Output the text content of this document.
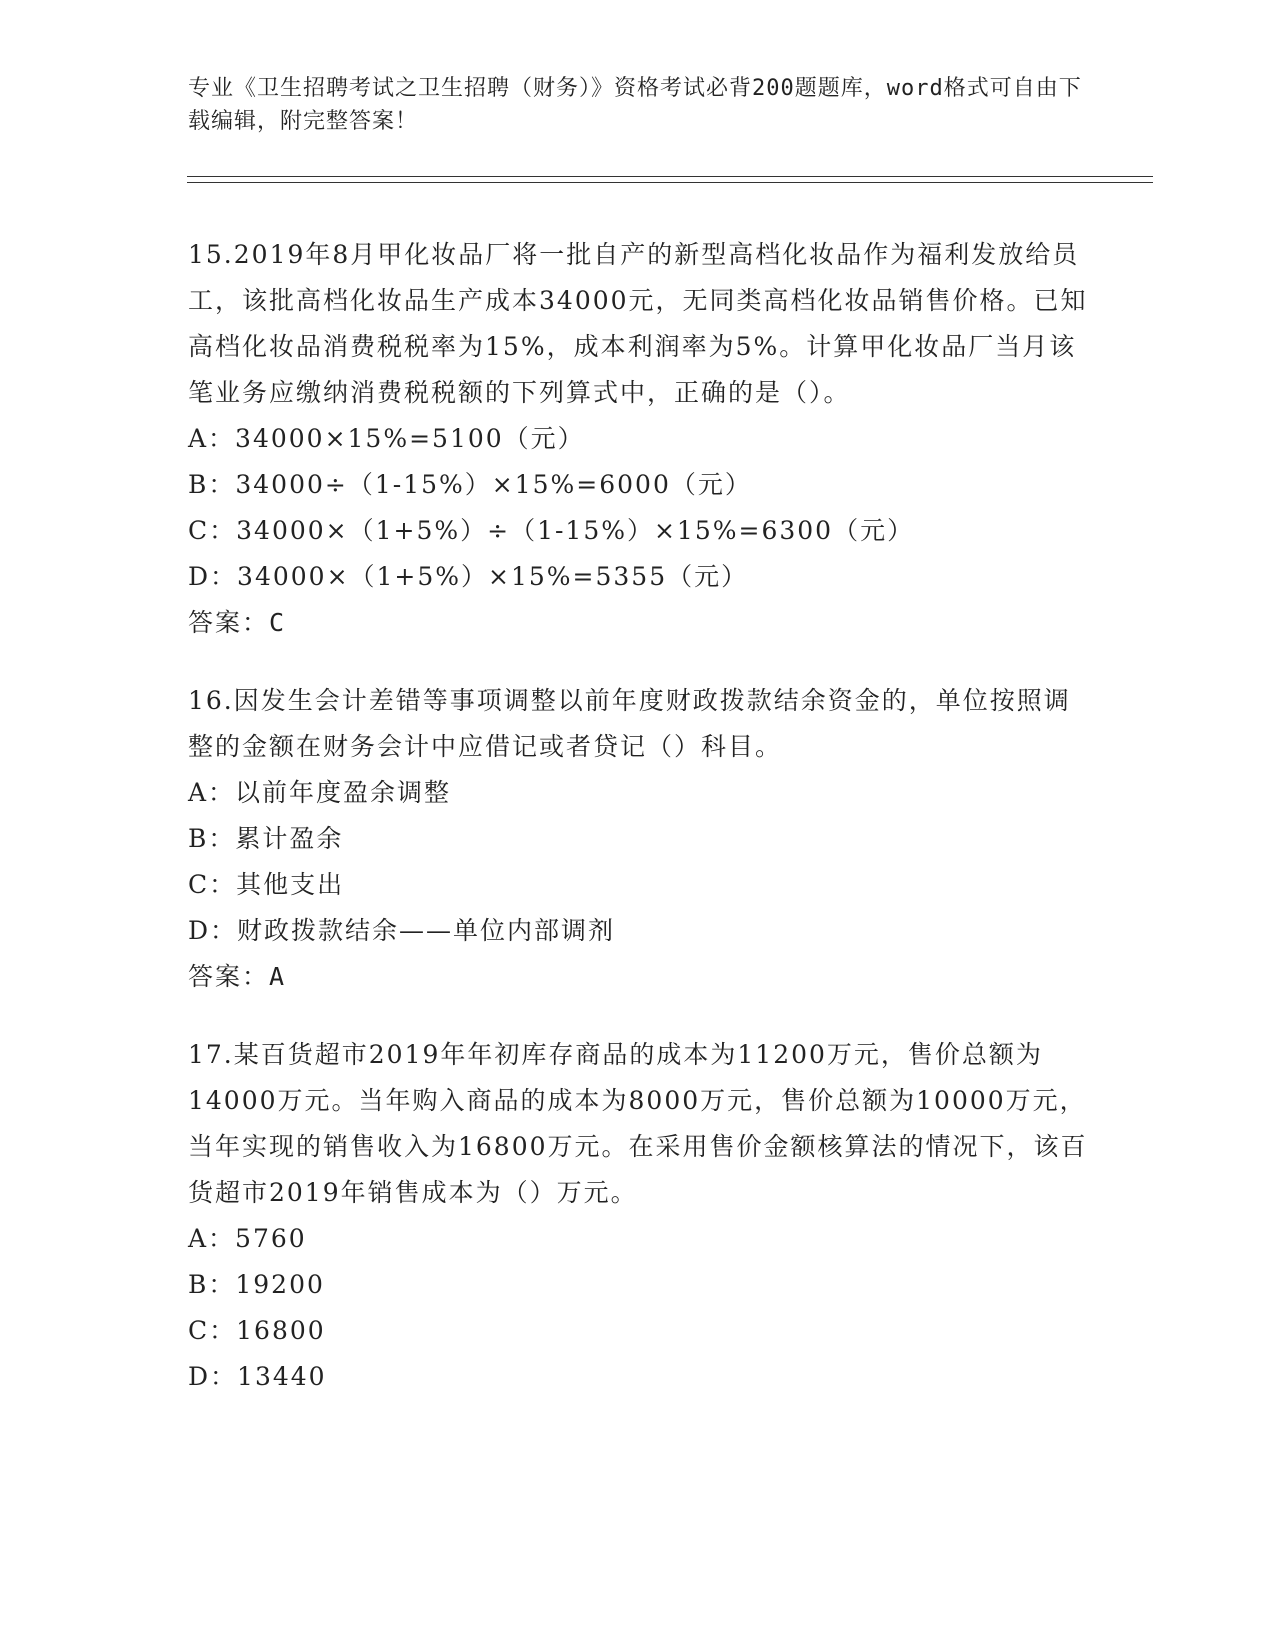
专业《卫生招聘考试之卫生招聘（财务）》资格考试必背200题题库，word格式可自由下载编辑，附完整答案！
15.2019年8月甲化妆品厂将一批自产的新型高档化妆品作为福利发放给员工，该批高档化妆品生产成本34000元，无同类高档化妆品销售价格。已知高档化妆品消费税税率为15%，成本利润率为5%。计算甲化妆品厂当月该笔业务应缴纳消费税税额的下列算式中，正确的是（）。
A：34000×15%=5100（元）
B：34000÷（1-15%）×15%=6000（元）
C：34000×（1+5%）÷（1-15%）×15%=6300（元）
D：34000×（1+5%）×15%=5355（元）
答案：C
16.因发生会计差错等事项调整以前年度财政拨款结余资金的，单位按照调整的金额在财务会计中应借记或者贷记（）科目。
A：以前年度盈余调整
B：累计盈余
C：其他支出
D：财政拨款结余——单位内部调剂
答案：A
17.某百货超市2019年年初库存商品的成本为11200万元，售价总额为14000万元。当年购入商品的成本为8000万元，售价总额为10000万元，当年实现的销售收入为16800万元。在采用售价金额核算法的情况下，该百货超市2019年销售成本为（）万元。
A：5760
B：19200
C：16800
D：13440
